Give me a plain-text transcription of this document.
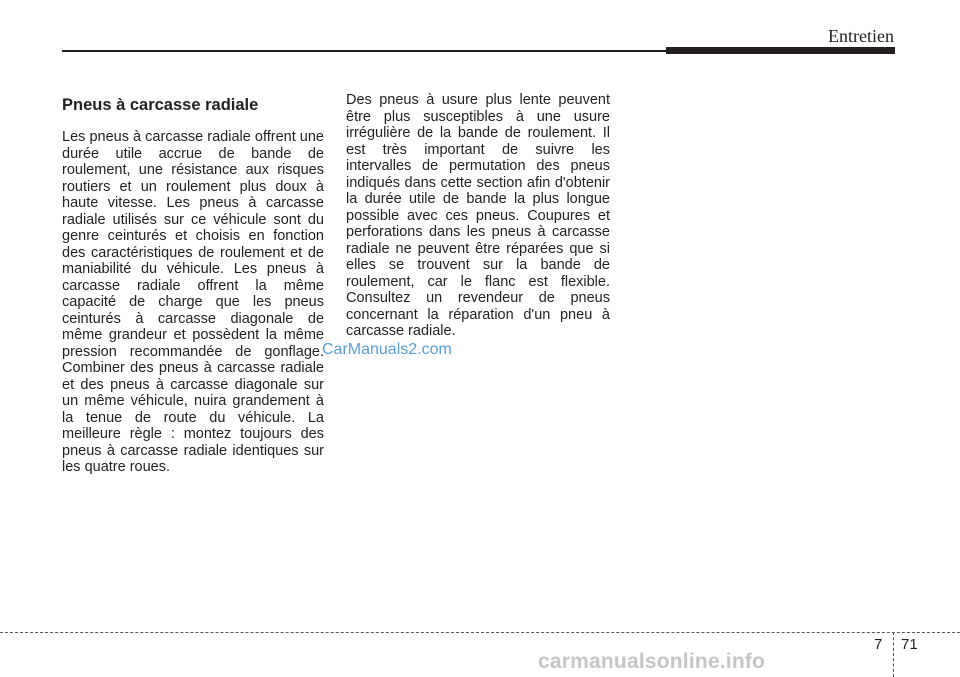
Entretien
Pneus à carcasse radiale

Les pneus à carcasse radiale offrent une durée utile accrue de bande de roulement, une résistance aux risques routiers et un roulement plus doux à haute vitesse. Les pneus à carcasse radiale utilisés sur ce véhicule sont du genre ceinturés et choisis en fonction des caractéristiques de roulement et de maniabilité du véhicule. Les pneus à carcasse radiale offrent la même capacité de charge que les pneus ceinturés à carcasse diagonale de même grandeur et possèdent la même pression recommandée de gonflage. Combiner des pneus à carcasse radiale et des pneus à carcasse diagonale sur un même véhicule, nuira grandement à la tenue de route du véhicule. La meilleure règle : montez toujours des pneus à carcasse radiale identiques sur les quatre roues.

Des pneus à usure plus lente peuvent être plus susceptibles à une usure irrégulière de la bande de roulement. Il est très important de suivre les intervalles de permutation des pneus indiqués dans cette section afin d'obtenir la durée utile de bande la plus longue possible avec ces pneus. Coupures et perforations dans les pneus à carcasse radiale ne peuvent être réparées que si elles se trouvent sur la bande de roulement, car le flanc est flexible. Consultez un revendeur de pneus concernant la réparation d'un pneu à carcasse radiale.

CarManuals2.com
7 71
carmanualsonline.info
